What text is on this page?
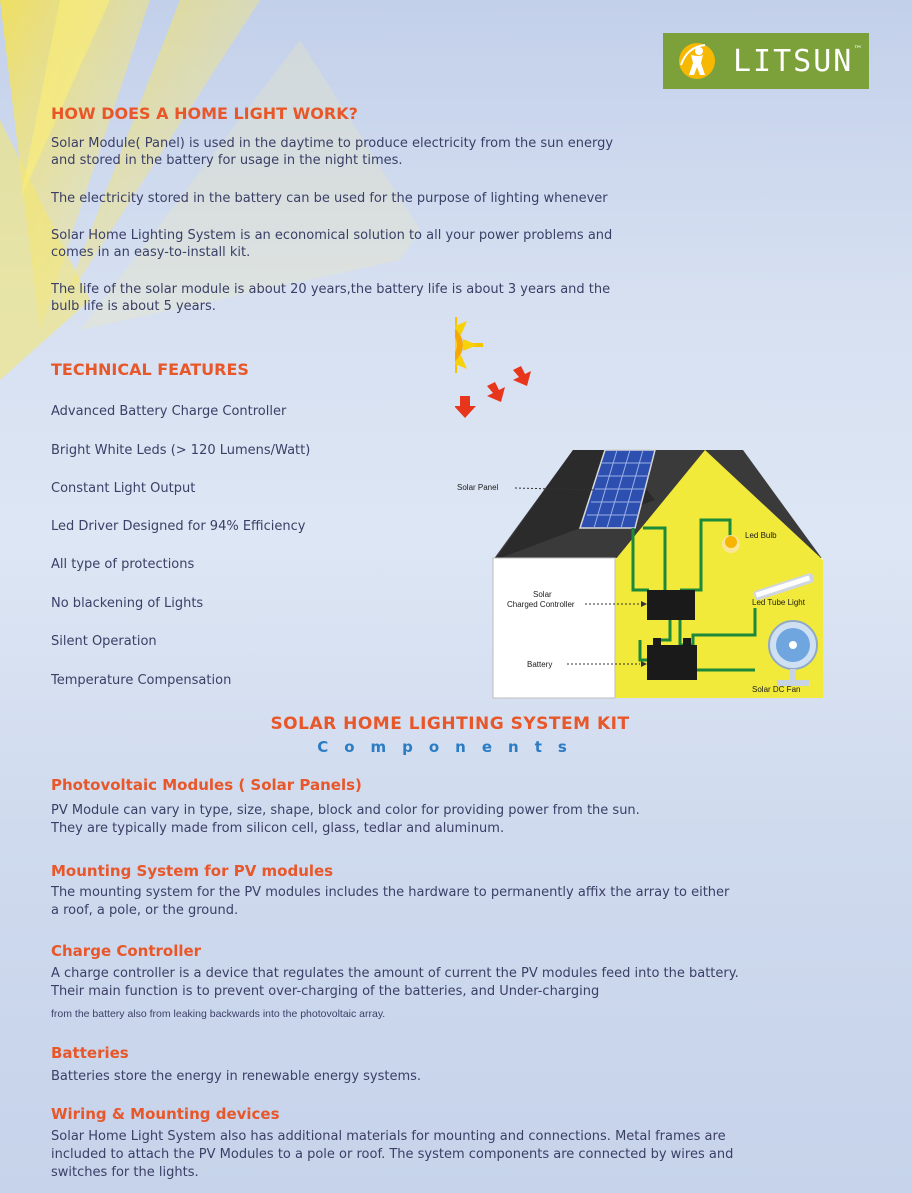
LITSUN ™
HOW DOES A HOME LIGHT WORK?
Solar Module( Panel) is used in the daytime to produce electricity from the sun energy
and stored in the battery for usage in the night times.
The electricity stored in the battery can be used for the purpose of lighting whenever
Solar Home Lighting System is an economical solution to all your power problems and
comes in an easy-to-install kit.
The life of the solar module is about 20 years,the battery life is about 3 years and the
bulb life is about 5 years.
TECHNICAL FEATURES
Advanced Battery Charge Controller
Bright White Leds (> 120 Lumens/Watt)
Constant Light Output
Led Driver Designed for 94% Efficiency
All type of protections
No blackening of Lights
Silent Operation
Temperature Compensation
Solar Panel
Solar
Charged Controller
Battery
Led Bulb
Led Tube Light
Solar DC Fan
SOLAR HOME LIGHTING SYSTEM KIT
Components
Photovoltaic Modules ( Solar Panels)
PV Module can vary in type, size, shape, block and color for providing power from the sun.
They are typically made from silicon cell, glass, tedlar and aluminum.
Mounting System for PV modules
The mounting system for the PV modules includes the hardware to permanently affix the array to either
a roof, a pole, or the ground.
Charge Controller
A charge controller is a device that regulates the amount of current the PV modules feed into the battery.
Their main function is to prevent over-charging of the batteries, and Under-charging
from the battery also from leaking backwards into the photovoltaic array.
Batteries
Batteries store the energy in renewable energy systems.
Wiring & Mounting devices
Solar Home Light System also has additional materials for mounting and connections. Metal frames are
included to attach the PV Modules to a pole or roof. The system components are connected by wires and
switches for the lights.
